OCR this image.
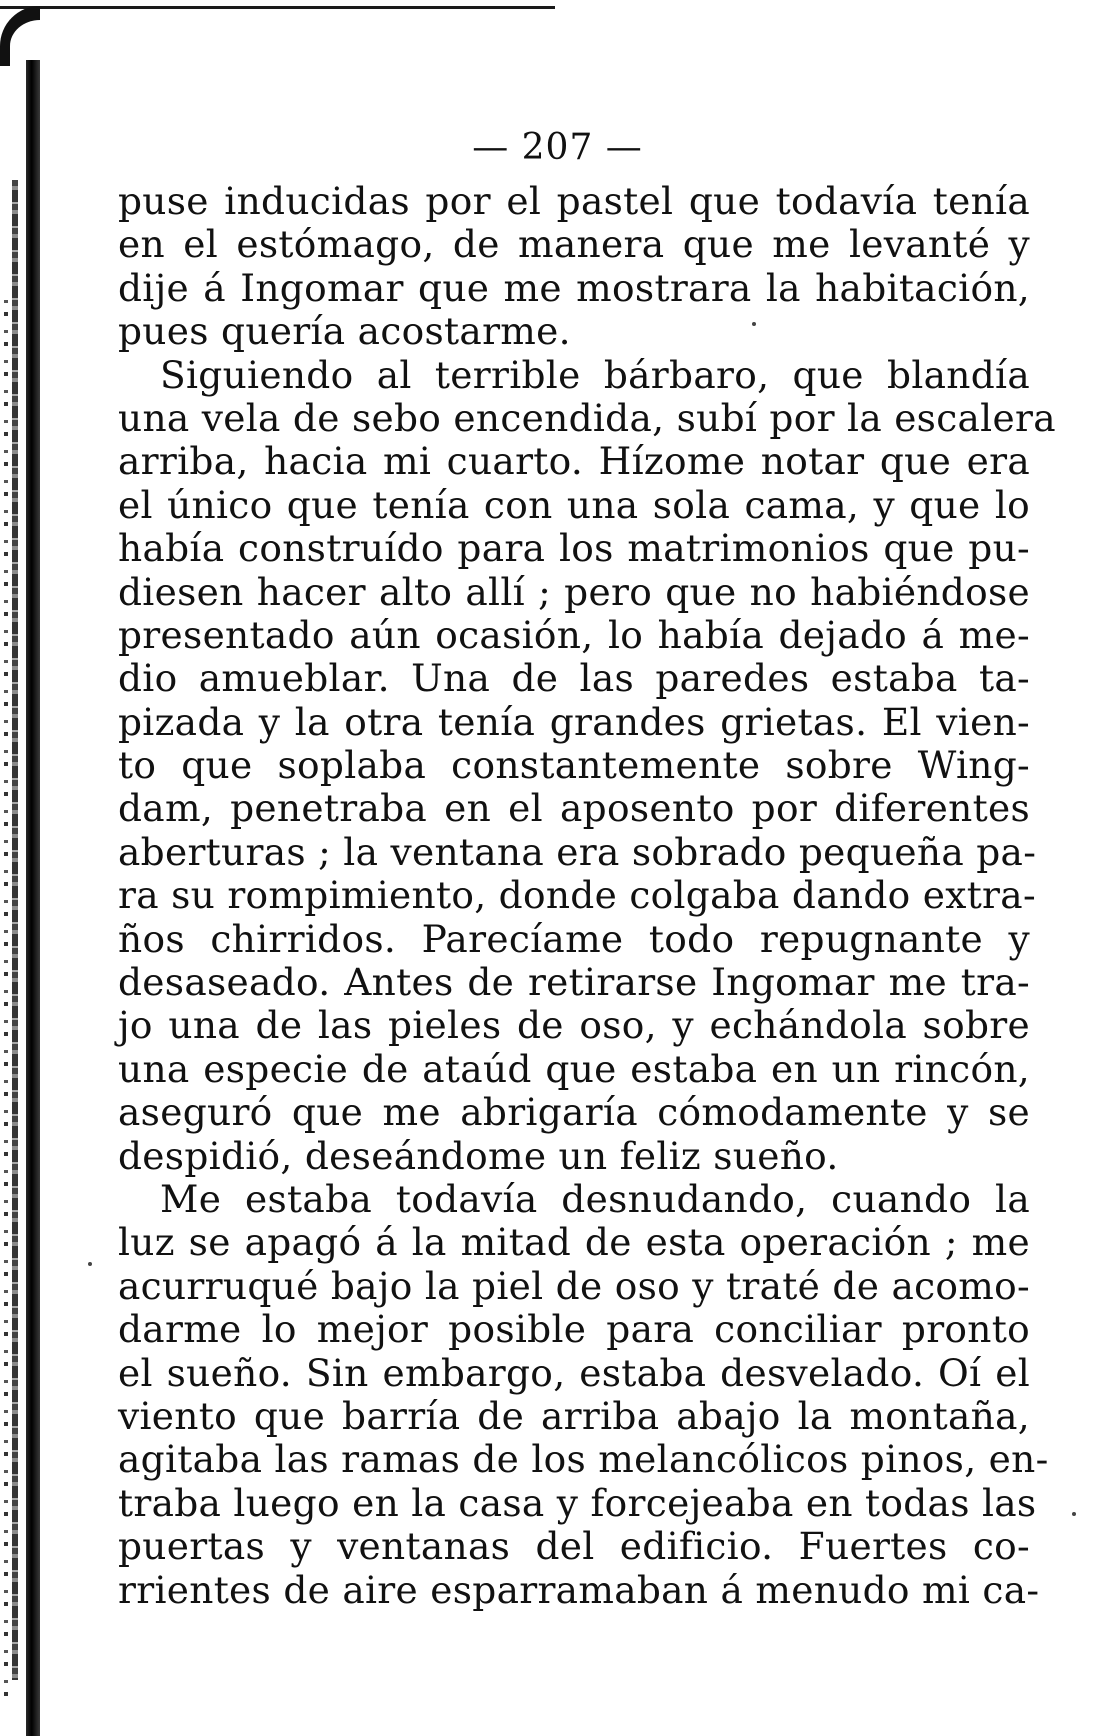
— 207 —
puse inducidas por el pastel que todavía tenía
en el estómago, de manera que me levanté y
dije á Ingomar que me mostrara la habitación,
pues quería acostarme.
Siguiendo al terrible bárbaro, que blandía
una vela de sebo encendida, subí por la escalera
arriba, hacia mi cuarto. Hízome notar que era
el único que tenía con una sola cama, y que lo
había construído para los matrimonios que pu-
diesen hacer alto allí ; pero que no habiéndose
presentado aún ocasión, lo había dejado á me-
dio amueblar. Una de las paredes estaba ta-
pizada y la otra tenía grandes grietas. El vien-
to que soplaba constantemente sobre Wing-
dam, penetraba en el aposento por diferentes
aberturas ; la ventana era sobrado pequeña pa-
ra su rompimiento, donde colgaba dando extra-
ños chirridos. Parecíame todo repugnante y
desaseado. Antes de retirarse Ingomar me tra-
jo una de las pieles de oso, y echándola sobre
una especie de ataúd que estaba en un rincón,
aseguró que me abrigaría cómodamente y se
despidió, deseándome un feliz sueño.
Me estaba todavía desnudando, cuando la
luz se apagó á la mitad de esta operación ; me
acurruqué bajo la piel de oso y traté de acomo-
darme lo mejor posible para conciliar pronto
el sueño. Sin embargo, estaba desvelado. Oí el
viento que barría de arriba abajo la montaña,
agitaba las ramas de los melancólicos pinos, en-
traba luego en la casa y forcejeaba en todas las
puertas y ventanas del edificio. Fuertes co-
rrientes de aire esparramaban á menudo mi ca-
